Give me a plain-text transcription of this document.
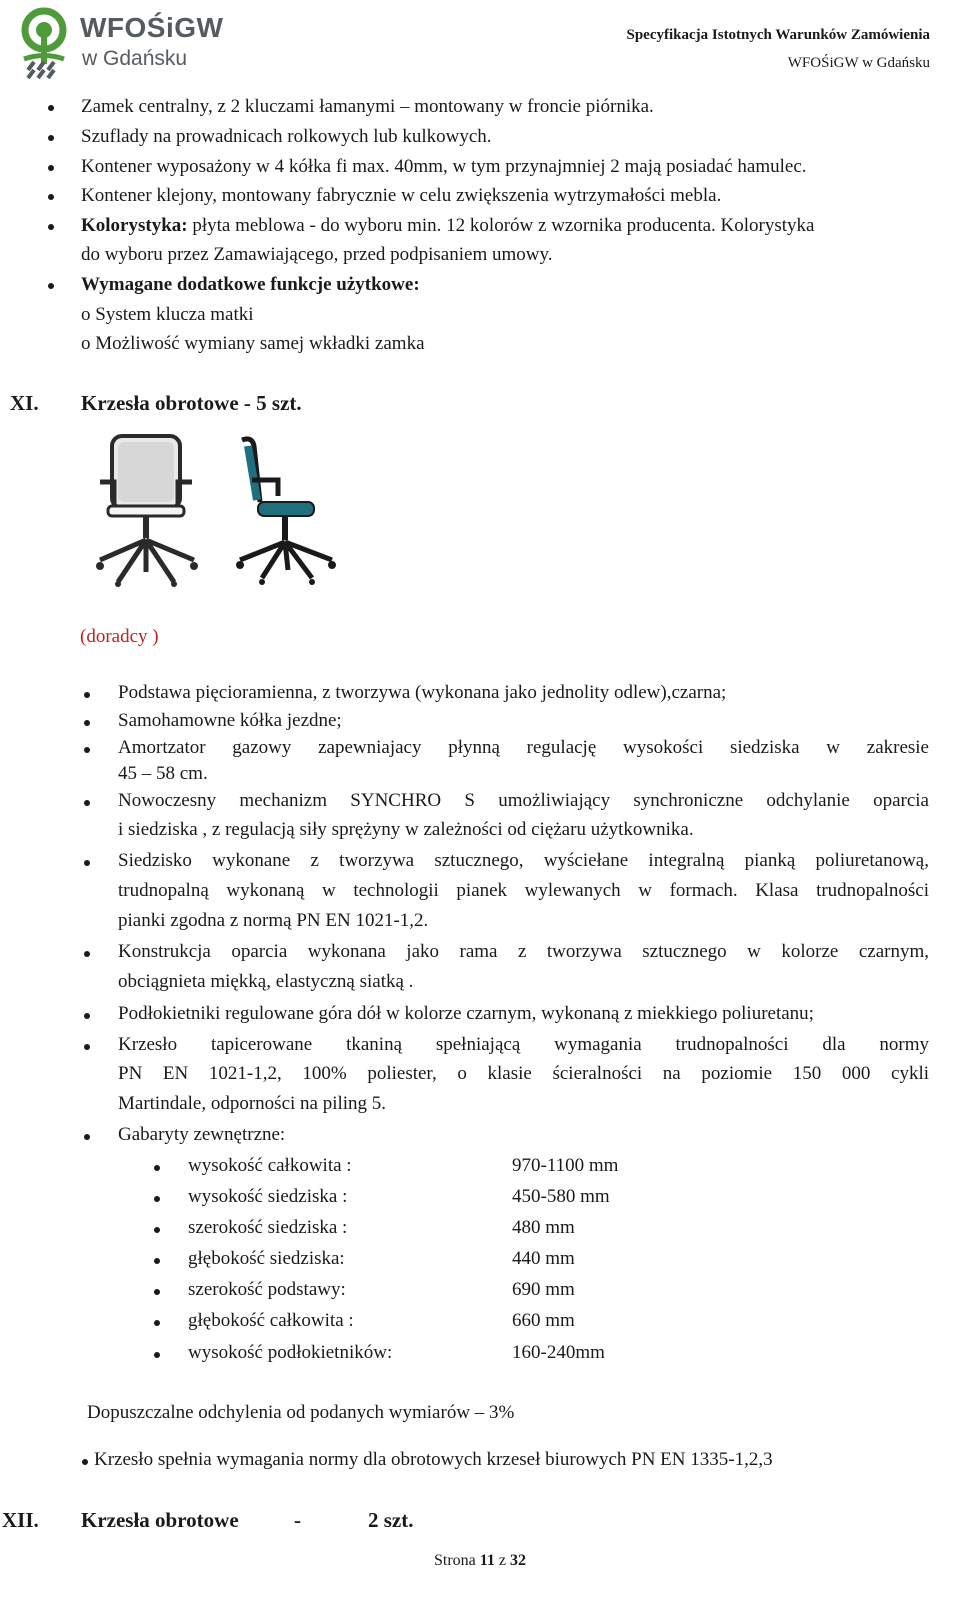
WFOŚiGW
w Gdańsku
Specyfikacja Istotnych Warunków Zamówienia
WFOŚiGW w Gdańsku
Zamek centralny, z 2 kluczami łamanymi – montowany w froncie piórnika.
Szuflady na prowadnicach rolkowych lub kulkowych.
Kontener wyposażony w 4 kółka fi max. 40mm, w tym przynajmniej 2 mają posiadać hamulec.
Kontener klejony, montowany fabrycznie w celu zwiększenia wytrzymałości mebla.
Kolorystyka: płyta meblowa - do wyboru min. 12 kolorów z wzornika producenta. Kolorystyka
do wyboru przez Zamawiającego, przed podpisaniem umowy.
Wymagane dodatkowe funkcje użytkowe:
o System klucza matki
o Możliwość wymiany samej wkładki zamka
XI. Krzesła obrotowe - 5 szt.
(doradcy )
Podstawa pięcioramienna, z tworzywa (wykonana jako jednolity odlew),czarna;
Samohamowne kółka jezdne;
Amortzator gazowy zapewniajacy płynną regulację wysokości siedziska w zakresie
45 – 58 cm.
Nowoczesny mechanizm SYNCHRO S umożliwiający synchroniczne odchylanie oparcia
i siedziska , z regulacją siły sprężyny w zależności od ciężaru użytkownika.
Siedzisko wykonane z tworzywa sztucznego, wyściełane integralną pianką poliuretanową,
trudnopalną wykonaną w technologii pianek wylewanych w formach. Klasa trudnopalności
pianki zgodna z normą PN EN 1021-1,2.
Konstrukcja oparcia wykonana jako rama z tworzywa sztucznego w kolorze czarnym,
obciągnieta miękką, elastyczną siatką .
Podłokietniki regulowane góra dół w kolorze czarnym, wykonaną z miekkiego poliuretanu;
Krzesło tapicerowane tkaniną spełniającą wymagania trudnopalności dla normy
PN EN 1021-1,2, 100% poliester, o klasie ścieralności na poziomie 150 000 cykli
Martindale, odporności na piling 5.
Gabaryty zewnętrzne:
wysokość całkowita :	970-1100 mm
wysokość siedziska :	450-580 mm
szerokość siedziska :	480 mm
głębokość siedziska:	440 mm
szerokość podstawy:	690 mm
głębokość całkowita :	660 mm
wysokość podłokietników:	160-240mm
Dopuszczalne odchylenia od podanych wymiarów – 3%
Krzesło spełnia wymagania normy dla obrotowych krzeseł biurowych PN EN 1335-1,2,3
XII. Krzesła obrotowe	-	2 szt.
Strona 11 z 32
